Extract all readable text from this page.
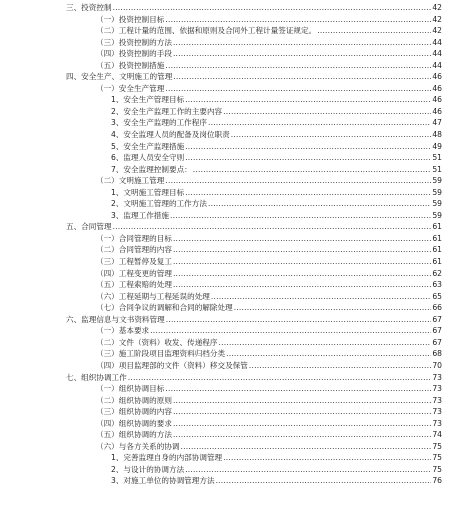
三、投资控制 .....	42
（一）投资控制目标 .....	42
（二）工程计量的范围、依据和原则及合同外工程计量签证规定。 .....	42
（三）投资控制的方法 .....	44
（四）投资控制的手段 .....	44
（五）投资控制措施 .....	44
四、安全生产、文明施工的管理 .....	46
（一）安全生产管理 .....	46
1、安全生产管理目标 .....	46
2、安全生产监理工作的主要内容 .....	46
3、安全生产监理的工作程序 .....	47
4、安全监理人员的配备及岗位职责 .....	48
5、安全生产监理措施 .....	49
6、监理人员安全守则 .....	51
7、安全监理控制要点： .....	51
（二）文明施工管理 .....	59
1、文明施工管理目标 .....	59
2、文明施工管理的工作方法 .....	59
3、监理工作措施 .....	59
五、合同管理 .....	61
（一）合同管理的目标 .....	61
（二）合同管理的内容 .....	61
（三）工程暂停及复工 .....	61
（四）工程变更的管理 .....	62
（五）工程索赔的处理 .....	63
（六）工程延期与工程延误的处理 .....	65
（七）合同争议的调解和合同的解除处理 .....	66
六、监理信息与文书资料管理 .....	67
（一）基本要求 .....	67
（二）文件（资料）收发、传递程序 .....	67
（三）施工阶段项目监理资料归档分类 .....	68
（四）项目监理部的文件（资料）移交及保管 .....	70
七、组织协调工作 .....	73
（一）组织协调目标 .....	73
（二）组织协调的原则 .....	73
（三）组织协调的内容 .....	73
（四）组织协调的要求 .....	73
（五）组织协调的方法 .....	74
（六）与各方关系的协调 .....	75
1、完善监理自身的内部协调管理 .....	75
2、与设计的协调方法 .....	75
3、对施工单位的协调管理方法 .....	76
